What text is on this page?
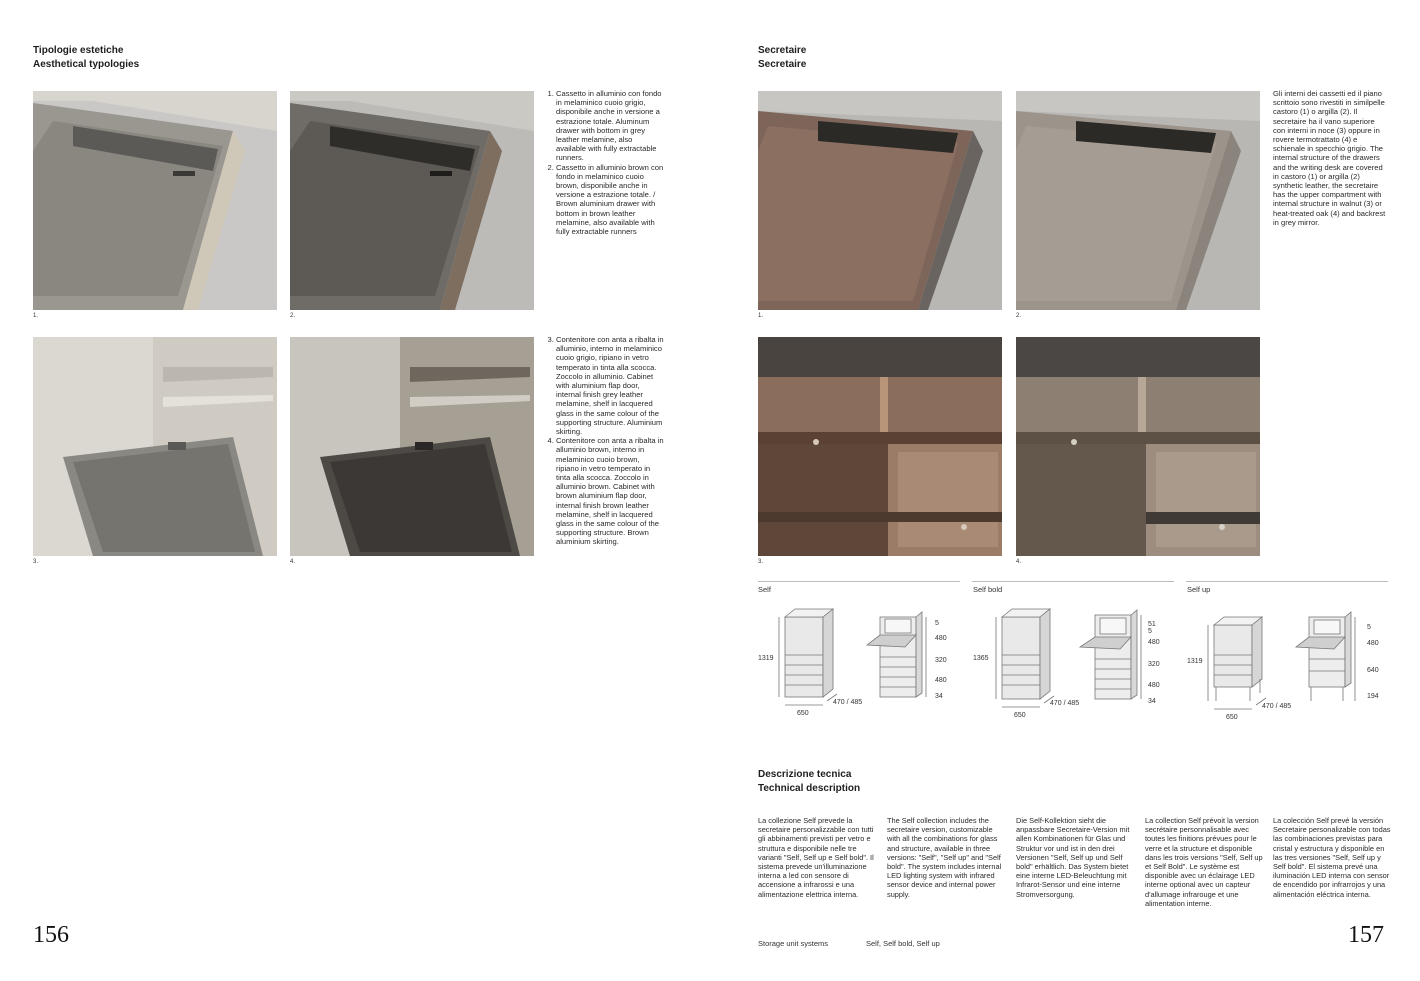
Tipologie estetiche
Aesthetical typologies
1.	2.
3.	4.
1. Cassetto in alluminio con fondo in melaminico cuoio grigio, disponibile anche in versione a estrazione totale. Aluminum drawer with bottom in grey leather melamine, also available with fully extractable runners.
2. Cassetto in alluminio brown con fondo in melaminico cuoio brown, disponibile anche in versione a estrazione totale. / Brown aluminium drawer with bottom in brown leather melamine, also available with fully extractable runners
3. Contenitore con anta a ribalta in alluminio, interno in melaminico cuoio grigio, ripiano in vetro temperato in tinta alla scocca. Zoccolo in alluminio. Cabinet with aluminium flap door, internal finish grey leather melamine, shelf in lacquered glass in the same colour of the supporting structure. Aluminium skirting.
4. Contenitore con anta a ribalta in alluminio brown, interno in melaminico cuoio brown, ripiano in vetro temperato in tinta alla scocca. Zoccolo in alluminio brown. Cabinet with brown aluminium flap door, internal finish brown leather melamine, shelf in lacquered glass in the same colour of the supporting structure. Brown aluminium skirting.
156
Secretaire
Secretaire
1.	2.
3.	4.
Gli interni dei cassetti ed il piano scrittoio sono rivestiti in similpelle castoro (1) o argilla (2). Il secretaire ha il vano superiore con interni in noce (3) oppure in rovere termotrattato (4) e schienale in specchio grigio. The internal structure of the drawers and the writing desk are covered in castoro (1) or argilla (2) synthetic leather, the secretaire has the upper compartment with internal structure in walnut (3) or heat-treated oak (4) and backrest in grey mirror.
Self	Self bold	Self up
1319
650
470 / 485
5
480
320
480
34
1365
650
470 / 485
51
5
480
320
480
34
1319
650
470 / 485
5
480
640
194
Descrizione tecnica
Technical description
La collezione Self prevede la secretaire personalizzabile con tutti gli abbinamenti previsti per vetro e struttura e disponibile nelle tre varianti "Self, Self up e Self bold". Il sistema prevede un'illuminazione interna a led con sensore di accensione a infrarossi e una alimentazione elettrica interna.
The Self collection includes the secretaire version, customizable with all the combinations for glass and structure, available in three versions: "Self", "Self up" and "Self bold". The system includes internal LED lighting system with infrared sensor device and internal power supply.
Die Self-Kollektion sieht die anpassbare Secretaire-Version mit allen Kombinationen für Glas und Struktur vor und ist in den drei Versionen "Self, Self up und Self bold" erhältlich. Das System bietet eine interne LED-Beleuchtung mit Infrarot-Sensor und eine interne Stromversorgung.
La collection Self prévoit la version secrétaire personnalisable avec toutes les finitions prévues pour le verre et la structure et disponible dans les trois versions "Self, Self up et Self Bold". Le système est disponible avec un éclairage LED interne optional avec un capteur d'allumage infrarouge et une alimentation interne.
La colección Self prevé la versión Secretaire personalizable con todas las combinaciones previstas para cristal y estructura y disponible en las tres versiones "Self, Self up y Self bold". El sistema prevé una iluminación LED interna con sensor de encendido por infrarrojos y una alimentación eléctrica interna.
Storage unit systems	Self, Self bold, Self up	157
